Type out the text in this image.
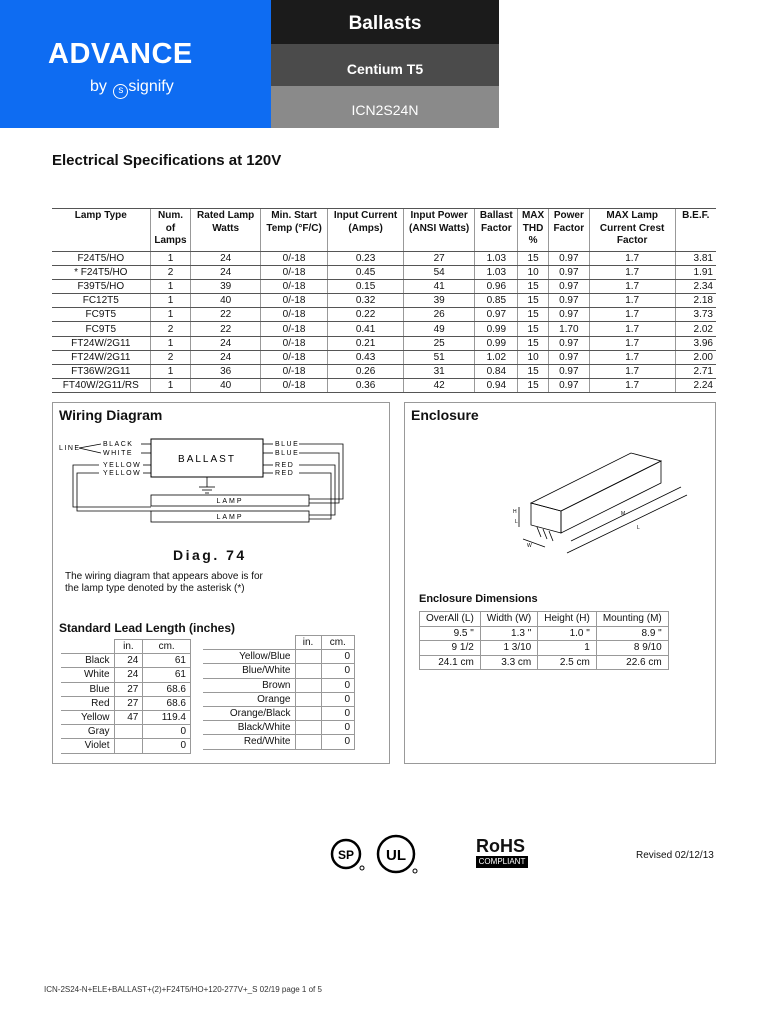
ADVANCE
by s signify
Ballasts
Centium T5
ICN2S24N
Electrical Specifications at 120V
Lamp Type	Num. of Lamps	Rated Lamp Watts	Min. Start Temp (°F/C)	Input Current (Amps)	Input Power (ANSI Watts)	Ballast Factor	MAX THD %	Power Factor	MAX Lamp Current Crest Factor	B.E.F.
F24T5/HO	1	24	0/-18	0.23	27	1.03	15	0.97	1.7	3.81
* F24T5/HO	2	24	0/-18	0.45	54	1.03	10	0.97	1.7	1.91
F39T5/HO	1	39	0/-18	0.15	41	0.96	15	0.97	1.7	2.34
FC12T5	1	40	0/-18	0.32	39	0.85	15	0.97	1.7	2.18
FC9T5	1	22	0/-18	0.22	26	0.97	15	0.97	1.7	3.73
FC9T5	2	22	0/-18	0.41	49	0.99	15	1.70	1.7	2.02
FT24W/2G11	1	24	0/-18	0.21	25	0.99	15	0.97	1.7	3.96
FT24W/2G11	2	24	0/-18	0.43	51	1.02	10	0.97	1.7	2.00
FT36W/2G11	1	36	0/-18	0.26	31	0.84	15	0.97	1.7	2.71
FT40W/2G11/RS	1	40	0/-18	0.36	42	0.94	15	0.97	1.7	2.24
Wiring Diagram
LINE
BLACK
WHITE
YELLOW
YELLOW
BLUE
BLUE
RED
RED
BALLAST
LAMP
LAMP
Diag. 74
The wiring diagram that appears above is for the lamp type denoted by the asterisk (*)
Standard Lead Length (inches)
	in.	cm.
Black	24	61
White	24	61
Blue	27	68.6
Red	27	68.6
Yellow	47	119.4
Gray		0
Violet		0
	in.	cm.
Yellow/Blue		0
Blue/White		0
Brown		0
Orange		0
Orange/Black		0
Black/White		0
Red/White		0
Enclosure
H
L
W
M
L
Enclosure Dimensions
OverAll (L)	Width (W)	Height (H)	Mounting (M)
9.5 "	1.3 "	1.0 "	8.9 "
9 1/2	1 3/10	1	8 9/10
24.1 cm	3.3 cm	2.5 cm	22.6 cm
SP UL	RoHS
COMPLIANT
Revised 02/12/13
ICN-2S24-N+ELE+BALLAST+(2)+F24T5/HO+120-277V+_S 02/19 page 1 of 5
